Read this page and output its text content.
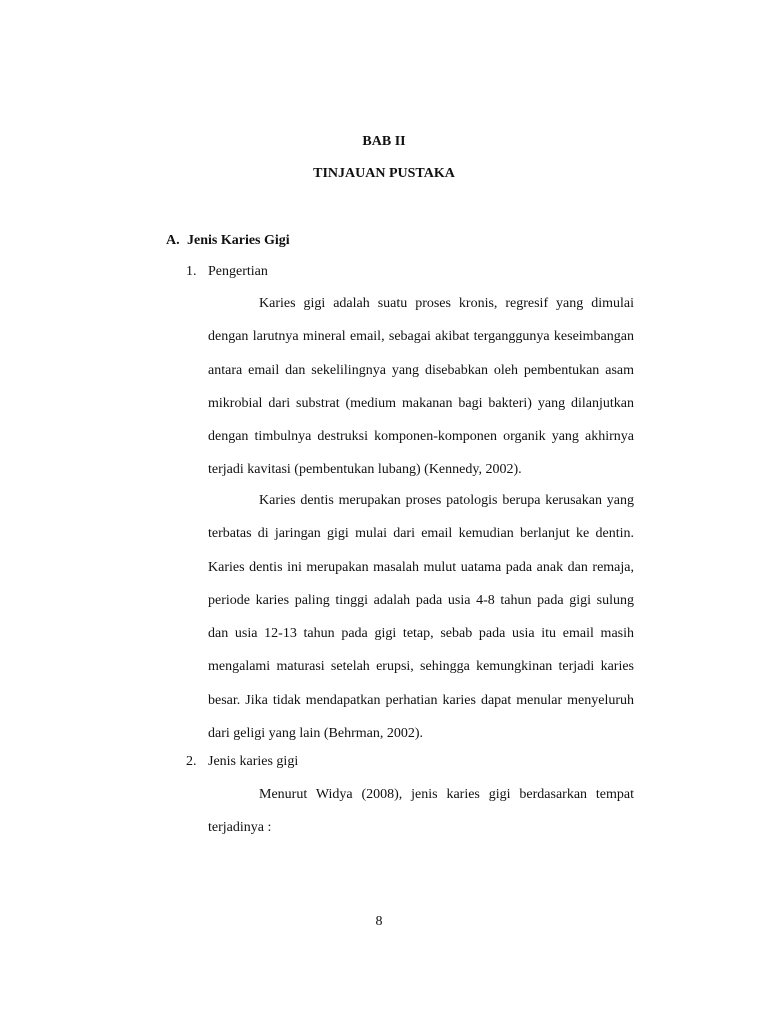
BAB II
TINJAUAN PUSTAKA
A. Jenis Karies Gigi
1. Pengertian

Karies gigi adalah suatu proses kronis, regresif yang dimulai dengan larutnya mineral email, sebagai akibat terganggunya keseimbangan antara email dan sekelilingnya yang disebabkan oleh pembentukan asam mikrobial dari substrat (medium makanan bagi bakteri) yang dilanjutkan dengan timbulnya destruksi komponen-komponen organik yang akhirnya terjadi kavitasi (pembentukan lubang) (Kennedy, 2002).

Karies dentis merupakan proses patologis berupa kerusakan yang terbatas di jaringan gigi mulai dari email kemudian berlanjut ke dentin. Karies dentis ini merupakan masalah mulut uatama pada anak dan remaja, periode karies paling tinggi adalah pada usia 4-8 tahun pada gigi sulung dan usia 12-13 tahun pada gigi tetap, sebab pada usia itu email masih mengalami maturasi setelah erupsi, sehingga kemungkinan terjadi karies besar. Jika tidak mendapatkan perhatian karies dapat menular menyeluruh dari geligi yang lain (Behrman, 2002).

2. Jenis karies gigi

Menurut Widya (2008), jenis karies gigi berdasarkan tempat terjadinya :

8
